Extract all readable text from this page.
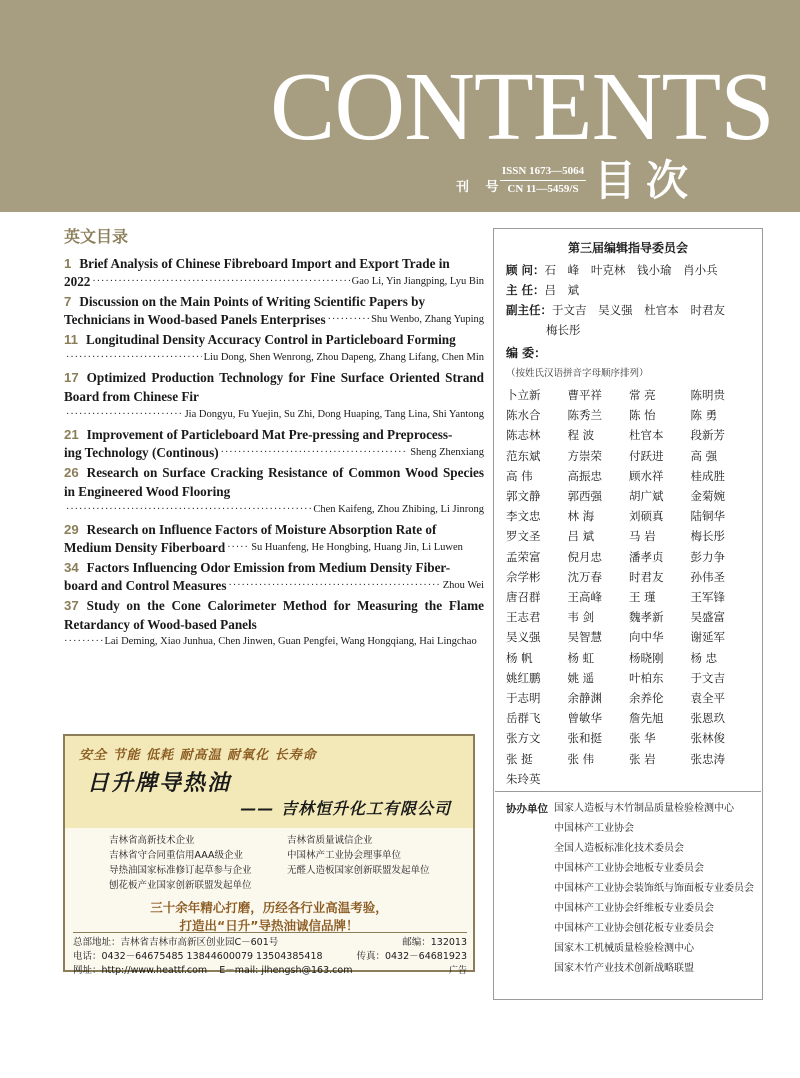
CONTENTS
刊 号
ISSN 1673—5064
CN 11—5459/S 目次
英文目录
1 Brief Analysis of Chinese Fibreboard Import and Export Trade in
2022 ·····	Gao Li, Yin Jiangping, Lyu Bin
7 Discussion on the Main Points of Writing Scientific Papers by
Technicians in Wood-based Panels Enterprises ·····	Shu Wenbo, Zhang Yuping
11 Longitudinal Density Accuracy Control in Particleboard Forming
·····
Liu Dong, Shen Wenrong, Zhou Dapeng, Zhang Lifang, Chen Min
17 Optimized Production Technology for Fine Surface Oriented Strand Board from Chinese Fir
·····
Jia Dongyu, Fu Yuejin, Su Zhi, Dong Huaping, Tang Lina, Shi Yantong
21 Improvement of Particleboard Mat Pre-pressing and Preprocess-
ing Technology (Continous) ·····	Sheng Zhenxiang
26 Research on Surface Cracking Resistance of Common Wood Species in Engineered Wood Flooring
·····
Chen Kaifeng, Zhou Zhibing, Li Jinrong
29 Research on Influence Factors of Moisture Absorption Rate of
Medium Density Fiberboard ····· Su Huanfeng, He Hongbing, Huang Jin, Li Luwen
34 Factors Influencing Odor Emission from Medium Density Fiber-
board and Control Measures ·····	Zhou Wei
37 Study on the Cone Calorimeter Method for Measuring the Flame Retardancy of Wood-based Panels
·········Lai Deming, Xiao Junhua, Chen Jinwen, Guan Pengfei, Wang Hongqiang, Hai Lingchao
安全 节能 低耗 耐高温 耐氧化 长寿命
日升牌导热油
—— 吉林恒升化工有限公司
吉林省高新技术企业	吉林省质量诚信企业
吉林省守合同重信用AAA级企业	中国林产工业协会理事单位
导热油国家标准修订起草参与企业	无醛人造板国家创新联盟发起单位
刨花板产业国家创新联盟发起单位
三十余年精心打磨，历经各行业高温考验，
打造出“日升”导热油诚信品牌！
总部地址：吉林省吉林市高新区创业园C－601号	邮编：132013
电话：0432－64675485 13844600079 13504385418	传真：0432－64681923
网址：http://www.heattf.com E－mail: jlhengsh@163.com	广告
第三届编辑指导委员会
顾 问：石 峰 叶克林 钱小瑜 肖小兵
主 任：吕 斌
副主任：于文吉 吴义强 杜官本 时君友
梅长彤
编 委：
（按姓氏汉语拼音字母顺序排列）
卜立新	曹平祥	常 亮	陈明贵
陈水合	陈秀兰	陈 怡	陈 勇
陈志林	程 波	杜官本	段新芳
范东斌	方崇荣	付跃进	高 强
高 伟	高振忠	顾水祥	桂成胜
郭文静	郭西强	胡广斌	金菊婉
李文忠	林 海	刘硕真	陆铜华
罗文圣	吕 斌	马 岩	梅长彤
孟荣富	倪月忠	潘孝贞	彭力争
佘学彬	沈万春	时君友	孙伟圣
唐召群	王高峰	王 瑾	王军锋
王志君	韦 剑	魏孝新	吴盛富
吴义强	吴智慧	向中华	谢延军
杨 帆	杨 虹	杨晓刚	杨 忠
姚红鹏	姚 遥	叶柏东	于文吉
于志明	余静渊	余养伦	袁全平
岳群飞	曾敏华	詹先旭	张恩玖
张方文	张和挺	张 华	张林俊
张 挺	张 伟	张 岩	张忠涛
朱玲英
协办单位 国家人造板与木竹制品质量检验检测中心
中国林产工业协会
全国人造板标准化技术委员会
中国林产工业协会地板专业委员会
中国林产工业协会装饰纸与饰面板专业委员会
中国林产工业协会纤维板专业委员会
中国林产工业协会刨花板专业委员会
国家木工机械质量检验检测中心
国家木竹产业技术创新战略联盟
